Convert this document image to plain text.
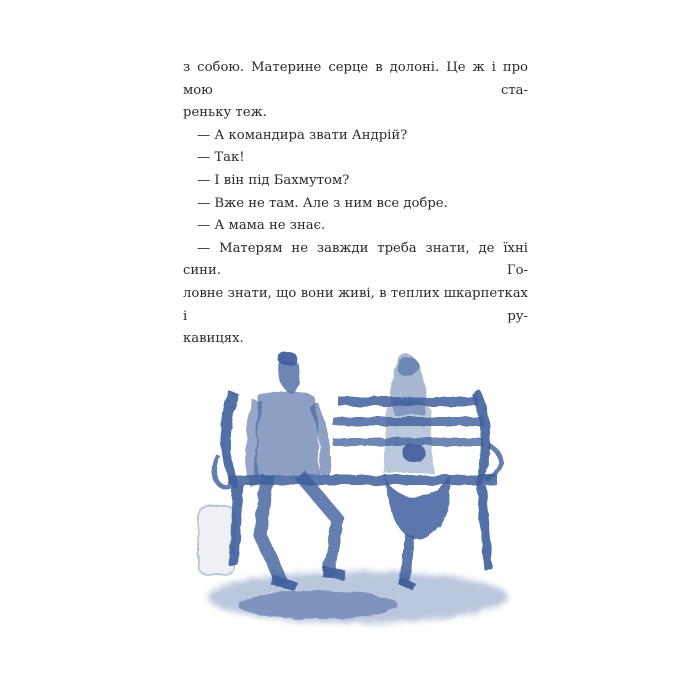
з собою. Материне серце в долоні. Це ж і про мою ста-

реньку теж.

— А командира звати Андрій?

— Так!

— І він під Бахмутом?

— Вже не там. Але з ним все добре.

— А мама не знає.

— Матерям не завжди треба знати, де їхні сини. Го-

ловне знати, що вони живі, в теплих шкарпетках і ру-

кавицях.
